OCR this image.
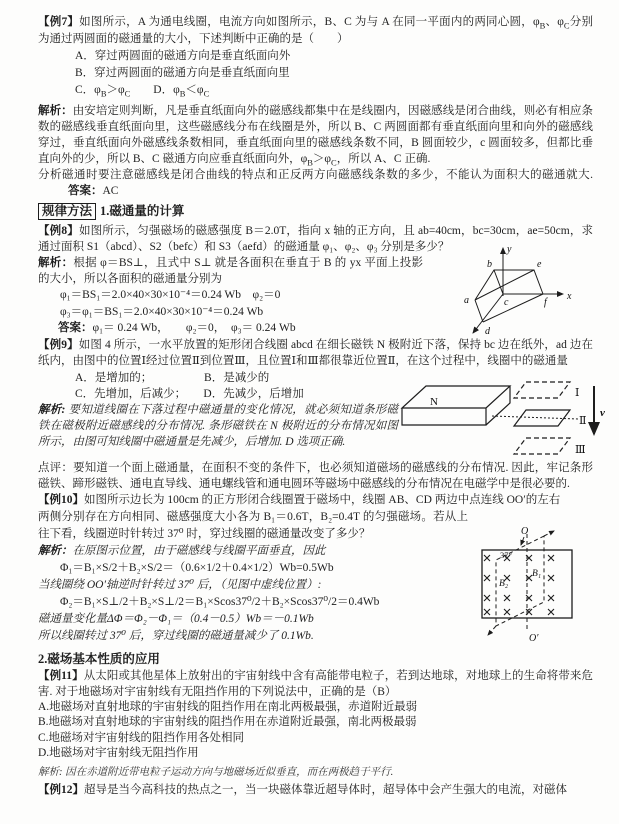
【例7】如图所示，A 为通电线圈，电流方向如图所示，B、C 为与 A 在同一平面内的两同心圆，$\varphi_B$、$\varphi_C$分别为通过两圆面的磁通量的大小，下述判断中正确的是（　　）

A．穿过两圆面的磁通方向是垂直纸面向外

B．穿过两圆面的磁通方向是垂直纸面向里

C．$\varphi_B>\varphi_C$　　D．$\varphi_B<\varphi_C$

解析：由安培定则判断，凡是垂直纸面向外的磁感线都集中在是线圈内，因磁感线是闭合曲线，则必有相应条数的磁感线垂直纸面向里，这些磁感线分布在线圈是外，所以 B、C 两圆面都有垂直纸面向里和向外的磁感线穿过，垂直纸面向外磁感线条数相同，垂直纸面向里的磁感线条数不同，B 圆面较少，c 圆面较多，但都比垂直向外的少，所以 B、C 磁通方向应垂直纸面向外，$\varphi_B>\varphi_C$，所以 A、C 正确.

分析磁通时要注意磁感线是闭合曲线的特点和正反两方向磁感线条数的多少，不能认为面积大的磁通就大.答案：AC

规律方法 1.磁通量的计算

【例8】如图所示，匀强磁场的磁感强度 B＝2.0T，指向 x 轴的正方向，且 ab=40cm，bc=30cm，ae=50cm，求通过面积 S1（abcd）、S2（befc）和 S3（aefd）的磁通量 φ₁、φ₂、φ₃ 分别是多少？

解析：根据 φ＝BS⊥，且式中 S⊥ 就是各面积在垂直于 B 的 yx 平面上投影的大小，所以各面积的磁通量分别为

φ₁＝BS₁＝2.0×40×30×10⁻⁴＝0.24 Wb　φ₂＝0

φ₃＝φ₁＝BS₁＝2.0×40×30×10⁻⁴＝0.24 Wb

答案：φ₁＝ 0.24 Wb，　　φ₂＝0，　φ₃＝ 0.24 Wb

【例9】如图 4 所示，一水平放置的矩形闭合线圈 abcd 在细长磁铁 N 极附近下落，保持 bc 边在纸外，ad 边在纸内，由图中的位置Ⅰ经过位置Ⅱ到位置Ⅲ，且位置Ⅰ和Ⅲ都很靠近位置Ⅱ，在这个过程中，线圈中的磁通量

A．是增加的；　　　　　B．是减少的

C．先增加，后减少；　　D．先减少，后增加

解析: 要知道线圈在下落过程中磁通量的变化情况，就必须知道条形磁铁在磁极附近磁感线的分布情况. 条形磁铁在 N 极附近的分布情况如图所示，由图可知线圈中磁通量是先减少，后增加. D 选项正确.

点评：要知道一个面上磁通量，在面积不变的条件下，也必须知道磁场的磁感线的分布情况. 因此，牢记条形磁铁、蹄形磁铁、通电直导线、通电螺线管和通电圆环等磁场中磁感线的分布情况在电磁学中是很必要的.

【例10】如图所示边长为 100cm 的正方形闭合线圈置于磁场中，线圈 AB、CD 两边中点连线 OO′的左右

两侧分别存在方向相同、磁感强度大小各为 B₁＝0.6T，B₂=0.4T 的匀强磁场。若从上往下看，线圈逆时针转过 37⁰ 时，穿过线圈的磁通量改变了多少？

解析：在原图示位置，由于磁感线与线圈平面垂直，因此

Φ₁＝B₁×S/2＋B₂×S/2＝（0.6×1/2＋0.4×1/2）Wb=0.5Wb

当线圈绕 OO′轴逆时针转过 37⁰ 后，（见图中虚线位置）:

Φ₂＝B₁×S⊥/2＋B₂×S⊥/2＝B₁×Scos37⁰/2＋B₂×Scos37⁰/2＝0.4Wb

磁通量变化量ΔΦ＝Φ₂－Φ₁＝（0.4－0.5）Wb＝－0.1Wb

所以线圈转过 37⁰ 后，穿过线圈的磁通量减少了 0.1Wb.

2.磁场基本性质的应用

【例11】从太阳或其他星体上放射出的宇宙射线中含有高能带电粒子，若到达地球，对地球上的生命将带来危害. 对于地磁场对宇宙射线有无阻挡作用的下列说法中，正确的是（B）

A.地磁场对直射地球的宇宙射线的阻挡作用在南北两极最强，赤道附近最弱

B.地磁场对直射地球的宇宙射线的阻挡作用在赤道附近最强，南北两极最弱

C.地磁场对宇宙射线的阻挡作用各处相同

D.地磁场对宇宙射线无阻挡作用

解析: 因在赤道附近带电粒子运动方向与地磁场近似垂直，而在两极趋于平行.

【例12】超导是当今高科技的热点之一，当一块磁体靠近超导体时，超导体中会产生强大的电流，对磁体

a
b
c
d
e
f
y
x
N
Ⅰ
Ⅱ
Ⅲ
v
O
O′
37°
B₁
B₂
